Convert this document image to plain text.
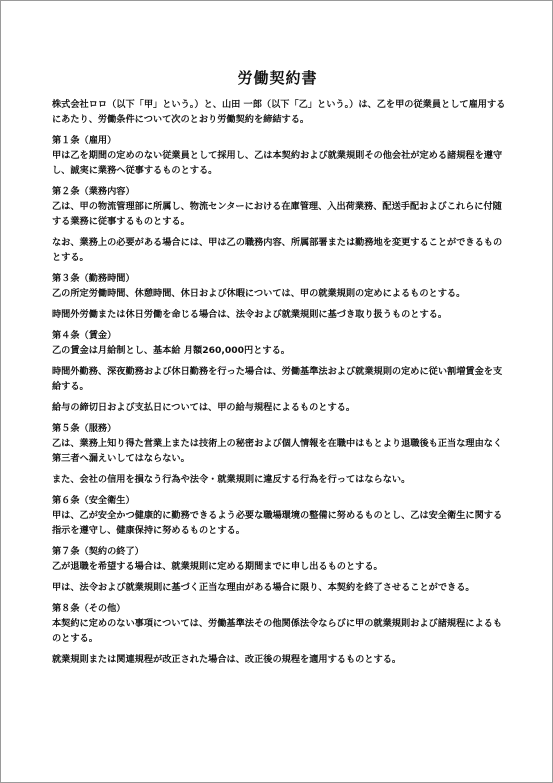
労働契約書

株式会社ロロ（以下「甲」という。）と、山田 一郎（以下「乙」という。）は、乙を甲の従業員として雇用するにあたり、労働条件について次のとおり労働契約を締結する。

第１条（雇用）

甲は乙を期間の定めのない従業員として採用し、乙は本契約および就業規則その他会社が定める諸規程を遵守し、誠実に業務へ従事するものとする。

第２条（業務内容）

乙は、甲の物流管理部に所属し、物流センターにおける在庫管理、入出荷業務、配送手配およびこれらに付随する業務に従事するものとする。

なお、業務上の必要がある場合には、甲は乙の職務内容、所属部署または勤務地を変更することができるものとする。

第３条（勤務時間）

乙の所定労働時間、休憩時間、休日および休暇については、甲の就業規則の定めによるものとする。

時間外労働または休日労働を命じる場合は、法令および就業規則に基づき取り扱うものとする。

第４条（賃金）

乙の賃金は月給制とし、基本給 月額260,000円とする。

時間外勤務、深夜勤務および休日勤務を行った場合は、労働基準法および就業規則の定めに従い割増賃金を支給する。

給与の締切日および支払日については、甲の給与規程によるものとする。

第５条（服務）

乙は、業務上知り得た営業上または技術上の秘密および個人情報を在職中はもとより退職後も正当な理由なく第三者へ漏えいしてはならない。

また、会社の信用を損なう行為や法令・就業規則に違反する行為を行ってはならない。

第６条（安全衛生）

甲は、乙が安全かつ健康的に勤務できるよう必要な職場環境の整備に努めるものとし、乙は安全衛生に関する指示を遵守し、健康保持に努めるものとする。

第７条（契約の終了）

乙が退職を希望する場合は、就業規則に定める期間までに申し出るものとする。

甲は、法令および就業規則に基づく正当な理由がある場合に限り、本契約を終了させることができる。

第８条（その他）

本契約に定めのない事項については、労働基準法その他関係法令ならびに甲の就業規則および諸規程によるものとする。

就業規則または関連規程が改正された場合は、改正後の規程を適用するものとする。
